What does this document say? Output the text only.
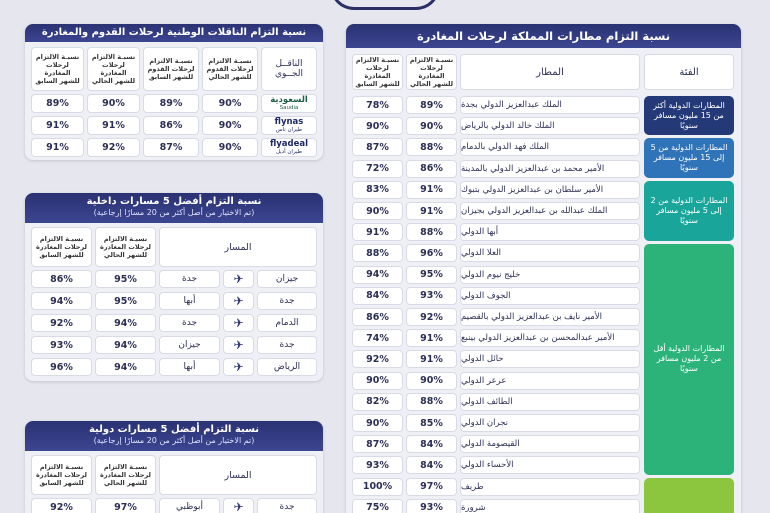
نسبة التزام مطارات المملكة لرحلات المغادرة
الفئة
المطار
نسبـة الالتزام
لرحلات المغادرة
للشهر الحالي
نسبـة الالتزام
لرحلات المغادرة
للشهر السابق
المطارات الدولية أكثر من 15 مليون مسافر سنويًا
المطارات الدولية من 5 إلى 15 مليون مسافر سنويًا
المطارات الدولية من 2 إلى 5 مليون مسافر سنويًا
المطارات الدولية أقل من 2 مليون مسافر سنويًا
الملك عبدالعزيز الدولي بجدة
89%
78%
الملك خالد الدولي بالرياض
90%
90%
الملك فهد الدولي بالدمام
88%
87%
الأمير محمد بن عبدالعزيز الدولي بالمدينة
86%
72%
الأمير سلطان بن عبدالعزيز الدولي بتبوك
91%
83%
الملك عبدالله بن عبدالعزيز الدولي بجيزان
91%
90%
أبها الدولي
88%
91%
العلا الدولي
96%
88%
خليج نيوم الدولي
95%
94%
الجوف الدولي
93%
84%
الأمير نايف بن عبدالعزيز الدولي بالقصيم
92%
86%
الأمير عبدالمحسن بن عبدالعزيز الدولي بينبع
91%
74%
حائل الدولي
91%
92%
عرعر الدولي
90%
90%
الطائف الدولي
88%
82%
نجران الدولي
85%
90%
القيصومة الدولي
84%
87%
الأحساء الدولي
84%
93%
طريف
97%
100%
شرورة
93%
75%
نسبة التزام الناقلات الوطنية لرحلات القدوم والمغادرة
الناقــل الجــوي
نسبـة الالتزام
لرحلات القدوم
للشهر الحالي
نسبـة الالتزام
لرحلات القدوم
للشهر السابق
نسبـة الالتزام
لرحلات المغادرة
للشهر الحالي
نسبـة الالتزام
لرحلات المغادرة
للشهر السابق
السعودية
Saudia
90%
89%
90%
89%
flynas
طيران ناس
90%
86%
91%
91%
flyadeal
طيران أديل
90%
87%
92%
91%
نسبة التزام أفضل 5 مسارات داخلية
(تم الاختيار من أصل أكثر من 20 مسارًا إرجاعية)
المسار
نسبـة الالتزام
لرحلات المغادرة
للشهر الحالي
نسبـة الالتزام
لرحلات المغادرة
للشهر السابق
جيزان
✈
جدة
95%
86%
جدة
✈
أبها
95%
94%
الدمام
✈
جدة
94%
92%
جدة
✈
جيزان
94%
93%
الرياض
✈
أبها
94%
96%
نسبة التزام أفضل 5 مسارات دولية
(تم الاختيار من أصل أكثر من 20 مسارًا إرجاعية)
المسار
نسبـة الالتزام
لرحلات المغادرة
للشهر الحالي
نسبـة الالتزام
لرحلات المغادرة
للشهر السابق
جدة
✈
أبوظبي
97%
92%
